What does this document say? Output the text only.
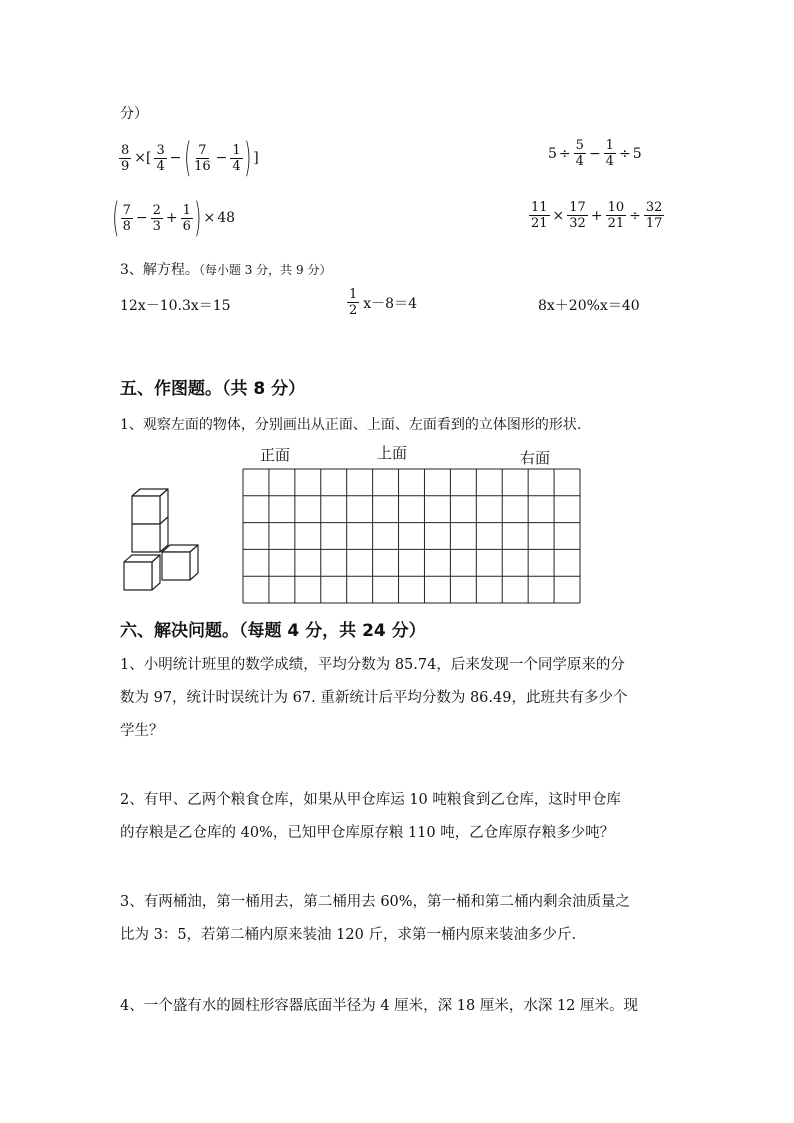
分）
$\frac{8}{9}$ ×[ $\frac{3}{4}$ − ( $\frac{7}{16} - \frac{1}{4}$ ) ]	$5 \div \frac{5}{4} - \frac{1}{4} \div 5$
( $\frac{7}{8} - \frac{2}{3} + \frac{1}{6}$ ) × 48	$\frac{11}{21} \times \frac{17}{32} + \frac{10}{21} \div \frac{32}{17}$
3、解方程。（每小题 3 分，共 9 分）
12x－10.3x＝15	$\frac{1}{2} x-8=4$	8x＋20%x＝40
五、作图题。（共 8 分）
1、观察左面的物体，分别画出从正面、上面、左面看到的立体图形的形状.
正面	上面	右面
六、解决问题。（每题 4 分，共 24 分）
1、小明统计班里的数学成绩，平均分数为 85.74，后来发现一个同学原来的分
数为 97，统计时误统计为 67. 重新统计后平均分数为 86.49，此班共有多少个
学生？
2、有甲、乙两个粮食仓库，如果从甲仓库运 10 吨粮食到乙仓库，这时甲仓库
的存粮是乙仓库的 40%，已知甲仓库原存粮 110 吨，乙仓库原存粮多少吨？
3、有两桶油，第一桶用去，第二桶用去 60%，第一桶和第二桶内剩余油质量之
比为 3：5，若第二桶内原来装油 120 斤，求第一桶内原来装油多少斤.
4、一个盛有水的圆柱形容器底面半径为 4 厘米，深 18 厘米，水深 12 厘米。现
